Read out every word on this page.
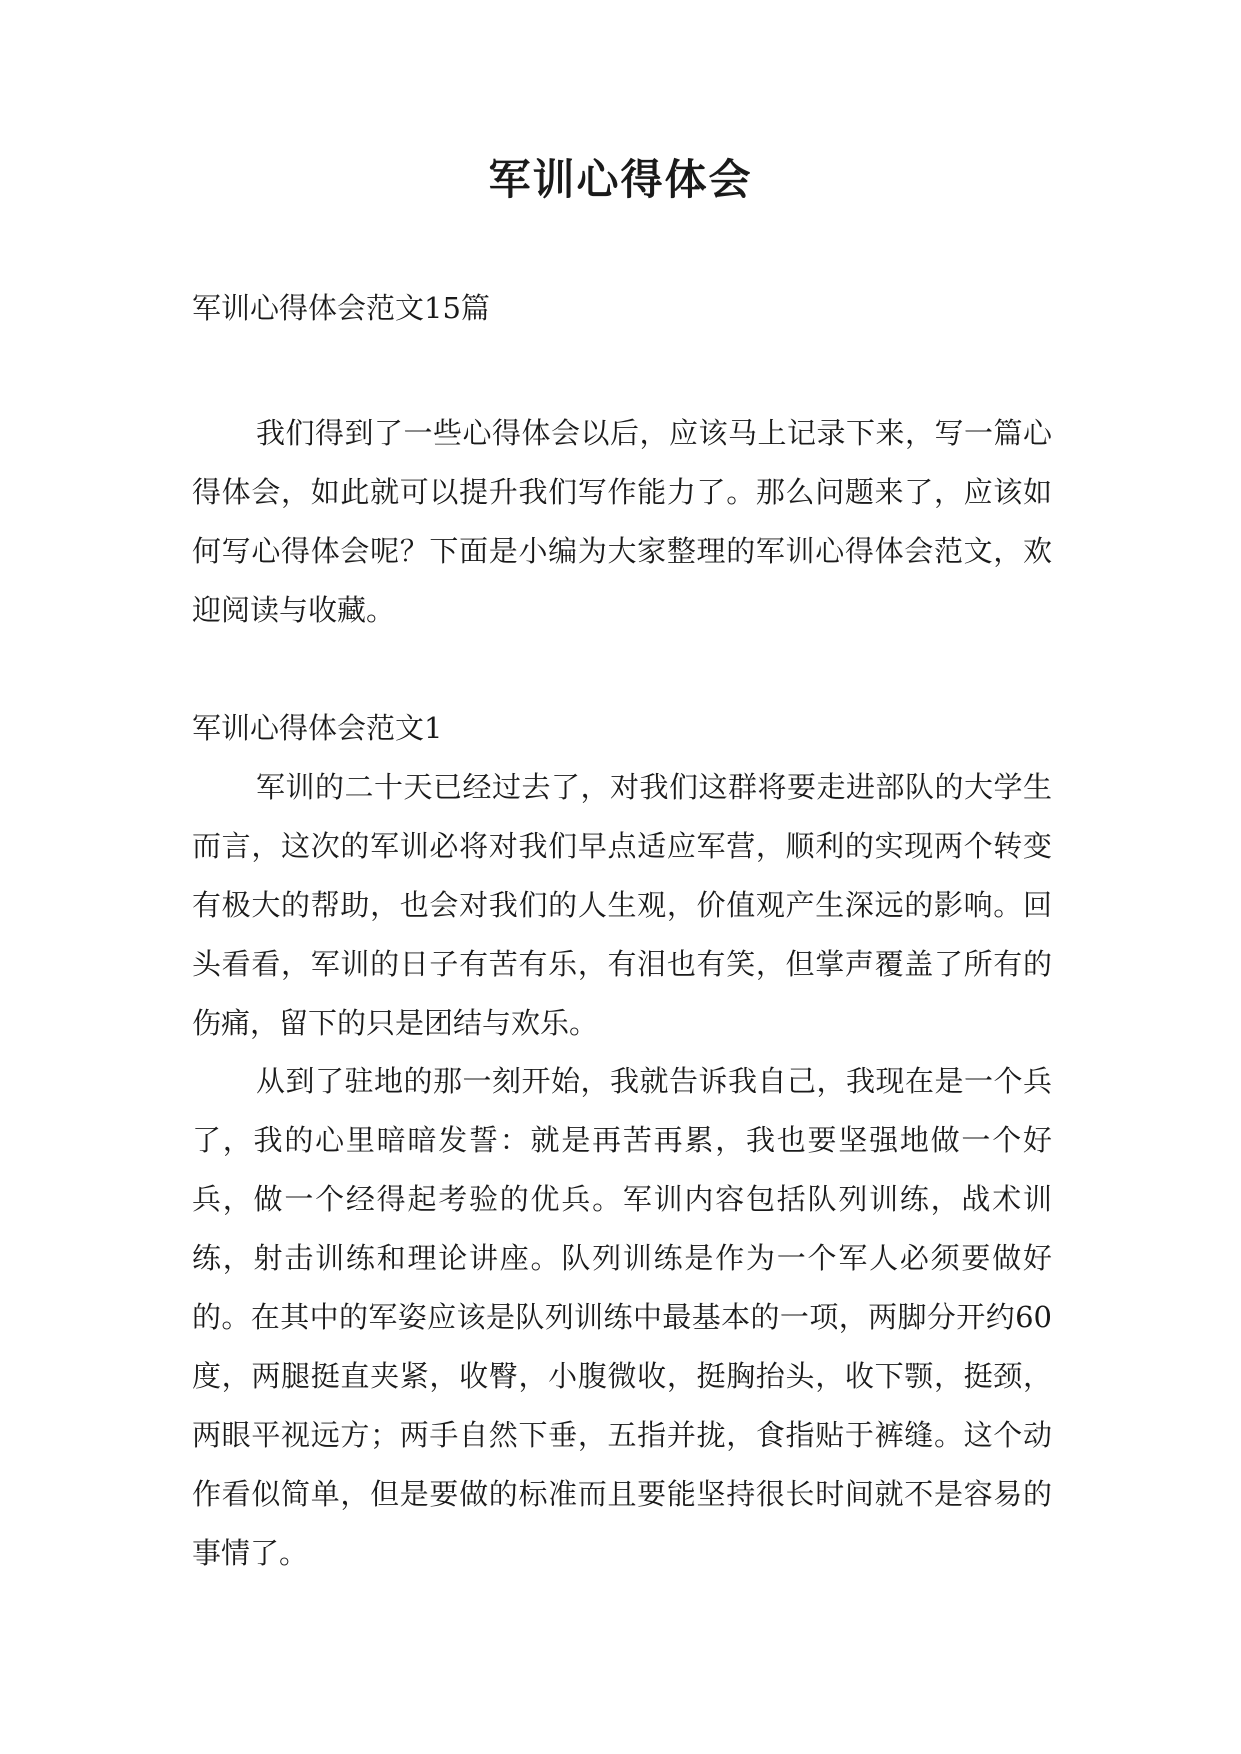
军训心得体会
军训心得体会范文15篇

我们得到了一些心得体会以后，应该马上记录下来，写一篇心得体会，如此就可以提升我们写作能力了。那么问题来了，应该如何写心得体会呢？下面是小编为大家整理的军训心得体会范文，欢迎阅读与收藏。

军训心得体会范文1

军训的二十天已经过去了，对我们这群将要走进部队的大学生而言，这次的军训必将对我们早点适应军营，顺利的实现两个转变有极大的帮助，也会对我们的人生观，价值观产生深远的影响。回头看看，军训的日子有苦有乐，有泪也有笑，但掌声覆盖了所有的伤痛，留下的只是团结与欢乐。

从到了驻地的那一刻开始，我就告诉我自己，我现在是一个兵了，我的心里暗暗发誓：就是再苦再累，我也要坚强地做一个好兵，做一个经得起考验的优兵。军训内容包括队列训练，战术训练，射击训练和理论讲座。队列训练是作为一个军人必须要做好的。在其中的军姿应该是队列训练中最基本的一项，两脚分开约60度，两腿挺直夹紧，收臀，小腹微收，挺胸抬头，收下颚，挺颈，两眼平视远方；两手自然下垂，五指并拢，食指贴于裤缝。这个动作看似简单，但是要做的标准而且要能坚持很长时间就不是容易的事情了。
